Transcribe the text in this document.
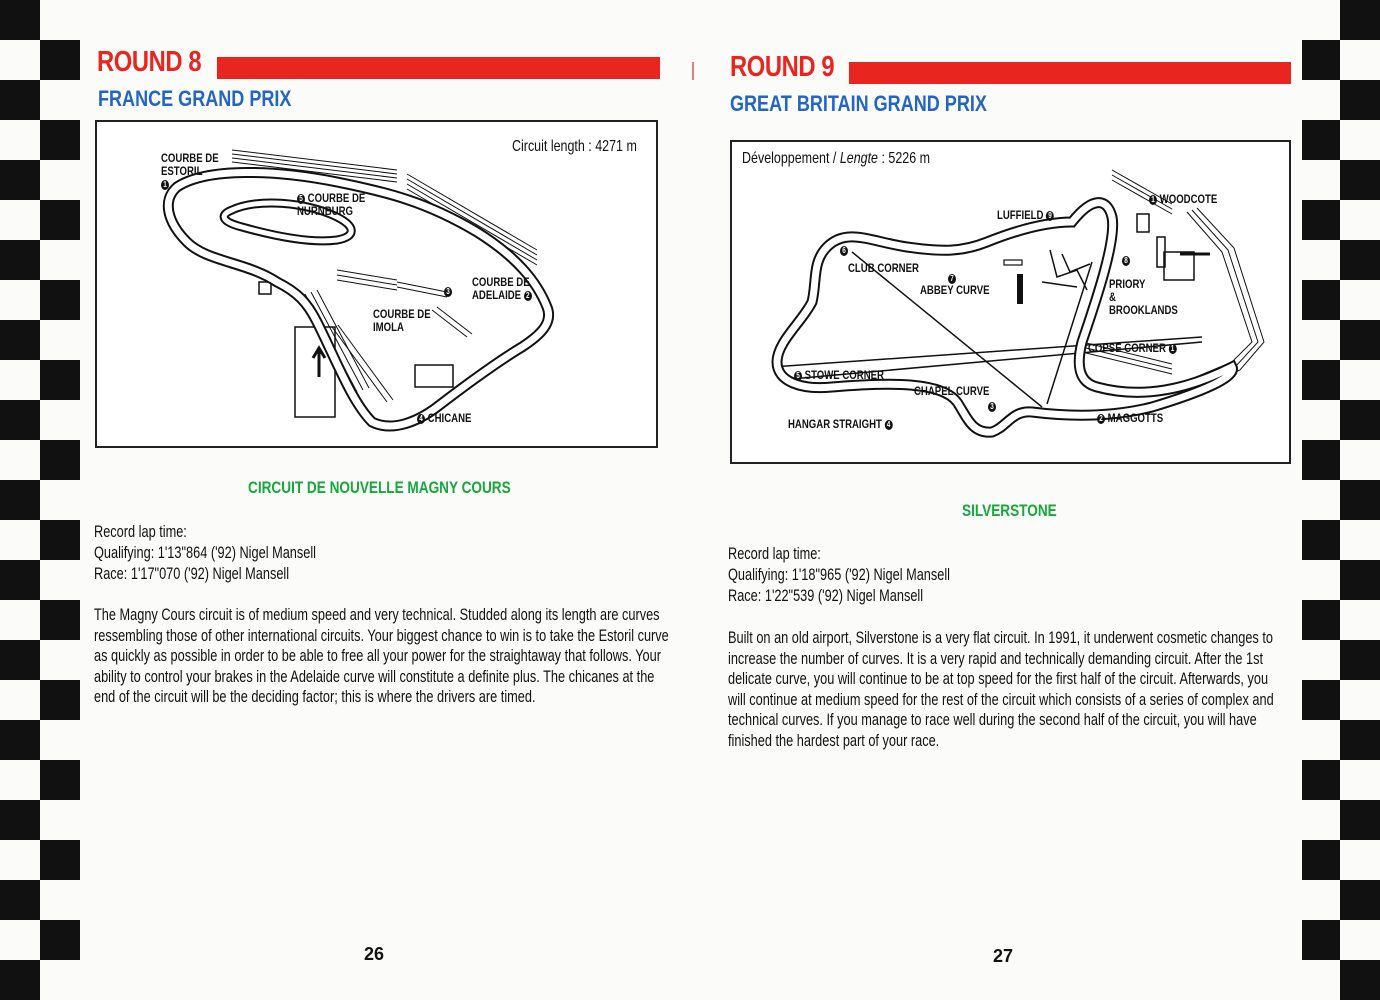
ROUND 8
FRANCE GRAND PRIX
Circuit length : 4271 m
COURBE DE
ESTORIL
1
5 COURBE DE
NURNBURG
COURBE DE
ADELAIDE 2
COURBE DE
IMOLA
3
4 CHICANE
CIRCUIT DE NOUVELLE MAGNY COURS
Record lap time:
Qualifying: 1'13"864 ('92) Nigel Mansell
Race: 1'17"070 ('92) Nigel Mansell
The Magny Cours circuit is of medium speed and very technical. Studded along its length are curves ressembling those of other international circuits. Your biggest chance to win is to take the Estoril curve as quickly as possible in order to be able to free all your power for the straightaway that follows. Your ability to control your brakes in the Adelaide curve will constitute a definite plus. The chicanes at the end of the circuit will be the deciding factor; this is where the drivers are timed.
26
ROUND 9
GREAT BRITAIN GRAND PRIX
Développement / Lengte : 5226 m
1 WOODCOTE
LUFFIELD 9
6
CLUB CORNER
7
ABBEY CURVE
8
PRIORY
&
BROOKLANDS
COPSE CORNER 1
5 STOWE CORNER
CHAPEL CURVE
3
HANGAR STRAIGHT 4
2 MAGGOTTS
SILVERSTONE
Record lap time:
Qualifying: 1'18"965 ('92) Nigel Mansell
Race: 1'22"539 ('92) Nigel Mansell
Built on an old airport, Silverstone is a very flat circuit. In 1991, it underwent cosmetic changes to increase the number of curves. It is a very rapid and technically demanding circuit. After the 1st delicate curve, you will continue to be at top speed for the first half of the circuit. Afterwards, you will continue at medium speed for the rest of the circuit which consists of a series of complex and technical curves. If you manage to race well during the second half of the circuit, you will have finished the hardest part of your race.
27
